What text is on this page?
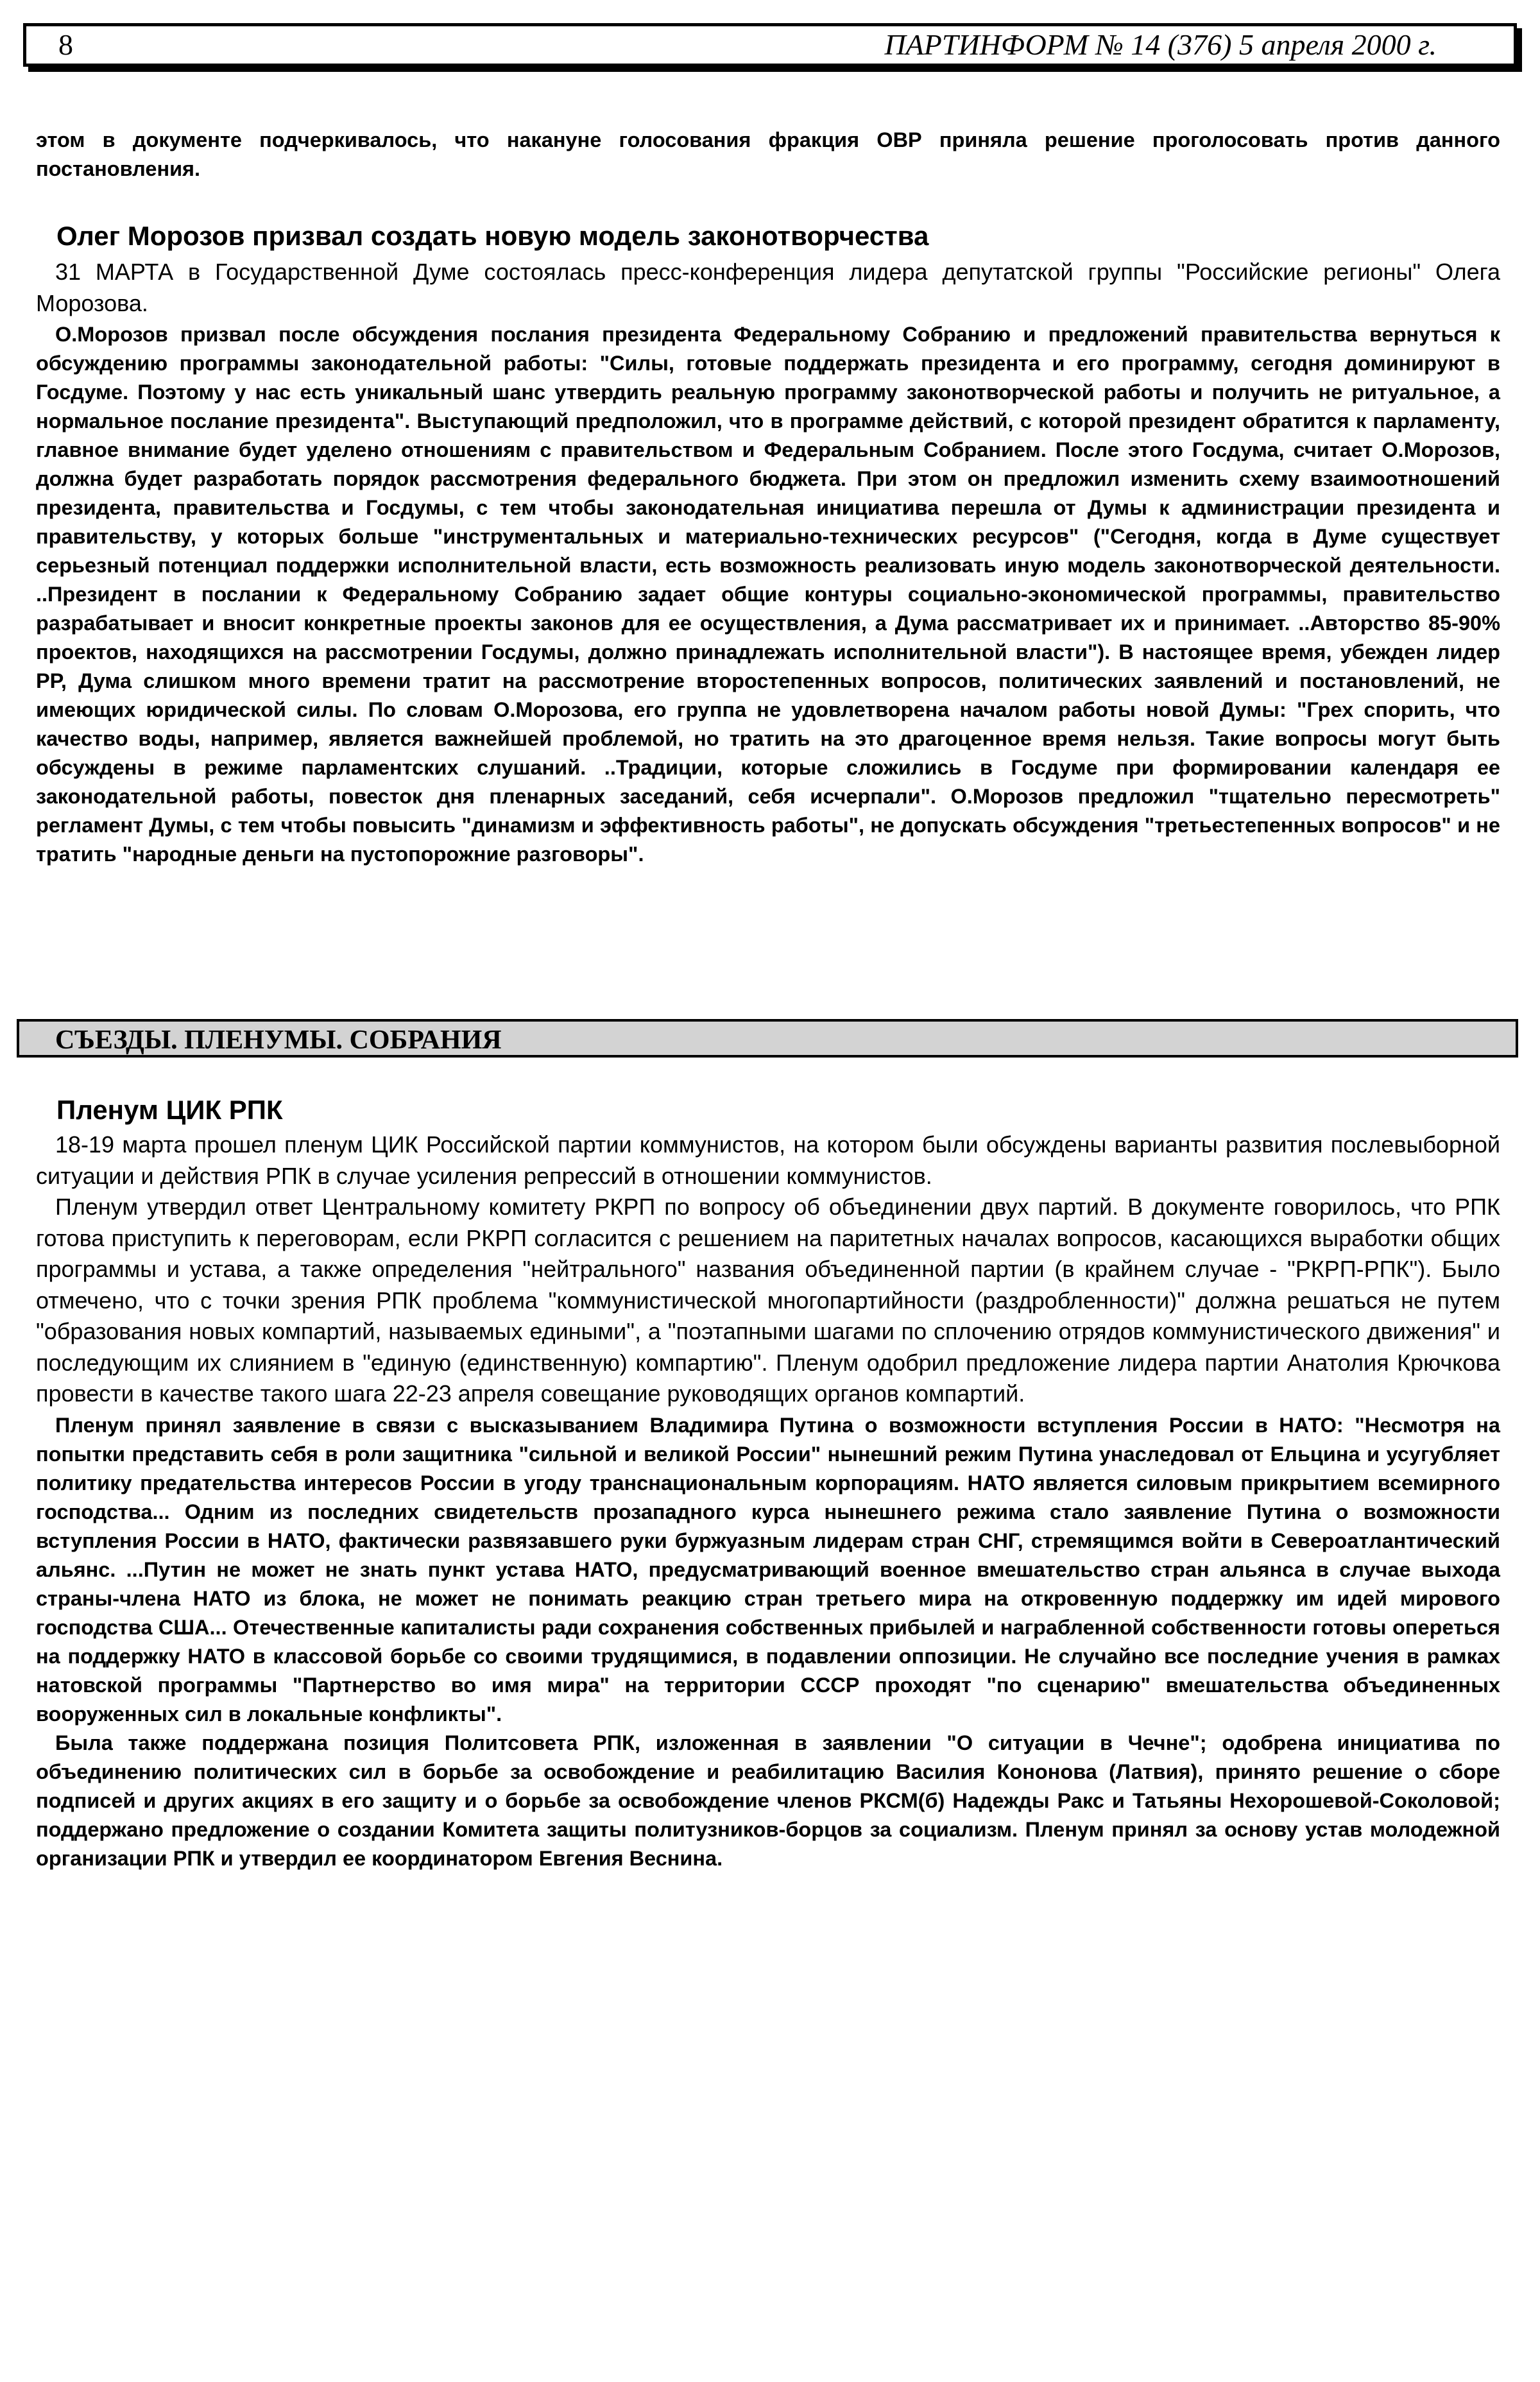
8	ПАРТИНФОРМ № 14 (376) 5 апреля 2000 г.

этом в документе подчеркивалось, что накануне голосования фракция ОВР приняла решение проголосовать против данного постановления.

Олег Морозов призвал создать новую модель законотворчества

31 МАРТА в Государственной Думе состоялась пресс-конференция лидера депутатской группы "Российские регионы" Олега Морозова.

О.Морозов призвал после обсуждения послания президента Федеральному Собранию и предложений правительства вернуться к обсуждению программы законодательной работы: "Силы, готовые поддержать президента и его программу, сегодня доминируют в Госдуме. Поэтому у нас есть уникальный шанс утвердить реальную программу законотворческой работы и получить не ритуальное, а нормальное послание президента". Выступающий предположил, что в программе действий, с которой президент обратится к парламенту, главное внимание будет уделено отношениям с правительством и Федеральным Собранием. После этого Госдума, считает О.Морозов, должна будет разработать порядок рассмотрения федерального бюджета. При этом он предложил изменить схему взаимоотношений президента, правительства и Госдумы, с тем чтобы законодательная инициатива перешла от Думы к администрации президента и правительству, у которых больше "инструментальных и материально-технических ресурсов" ("Сегодня, когда в Думе существует серьезный потенциал поддержки исполнительной власти, есть возможность реализовать иную модель законотворческой деятельности. ..Президент в послании к Федеральному Собранию задает общие контуры социально-экономической программы, правительство разрабатывает и вносит конкретные проекты законов для ее осуществления, а Дума рассматривает их и принимает. ..Авторство 85-90% проектов, находящихся на рассмотрении Госдумы, должно принадлежать исполнительной власти"). В настоящее время, убежден лидер РР, Дума слишком много времени тратит на рассмотрение второстепенных вопросов, политических заявлений и постановлений, не имеющих юридической силы. По словам О.Морозова, его группа не удовлетворена началом работы новой Думы: "Грех спорить, что качество воды, например, является важнейшей проблемой, но тратить на это драгоценное время нельзя. Такие вопросы могут быть обсуждены в режиме парламентских слушаний. ..Традиции, которые сложились в Госдуме при формировании календаря ее законодательной работы, повесток дня пленарных заседаний, себя исчерпали". О.Морозов предложил "тщательно пересмотреть" регламент Думы, с тем чтобы повысить "динамизм и эффективность работы", не допускать обсуждения "третьестепенных вопросов" и не тратить "народные деньги на пустопорожние разговоры".

СЪЕЗДЫ. ПЛЕНУМЫ. СОБРАНИЯ
Пленум ЦИК РПК

18-19 марта прошел пленум ЦИК Российской партии коммунистов, на котором были обсуждены варианты развития послевыборной ситуации и действия РПК в случае усиления репрессий в отношении коммунистов.

Пленум утвердил ответ Центральному комитету РКРП по вопросу об объединении двух партий. В документе говорилось, что РПК готова приступить к переговорам, если РКРП согласится с решением на паритетных началах вопросов, касающихся выработки общих программы и устава, а также определения "нейтрального" названия объединенной партии (в крайнем случае - "РКРП-РПК"). Было отмечено, что с точки зрения РПК проблема "коммунистической многопартийности (раздробленности)" должна решаться не путем "образования новых компартий, называемых едиными", а "поэтапными шагами по сплочению отрядов коммунистического движения" и последующим их слиянием в "единую (единственную) компартию". Пленум одобрил предложение лидера партии Анатолия Крючкова провести в качестве такого шага 22-23 апреля совещание руководящих органов компартий.

Пленум принял заявление в связи с высказыванием Владимира Путина о возможности вступления России в НАТО: "Несмотря на попытки представить себя в роли защитника "сильной и великой России" нынешний режим Путина унаследовал от Ельцина и усугубляет политику предательства интересов России в угоду транснациональным корпорациям. НАТО является силовым прикрытием всемирного господства... Одним из последних свидетельств прозападного курса нынешнего режима стало заявление Путина о возможности вступления России в НАТО, фактически развязавшего руки буржуазным лидерам стран СНГ, стремящимся войти в Североатлантический альянс. ...Путин не может не знать пункт устава НАТО, предусматривающий военное вмешательство стран альянса в случае выхода страны-члена НАТО из блока, не может не понимать реакцию стран третьего мира на откровенную поддержку им идей мирового господства США... Отечественные капиталисты ради сохранения собственных прибылей и награбленной собственности готовы опереться на поддержку НАТО в классовой борьбе со своими трудящимися, в подавлении оппозиции. Не случайно все последние учения в рамках натовской программы "Партнерство во имя мира" на территории СССР проходят "по сценарию" вмешательства объединенных вооруженных сил в локальные конфликты".

Была также поддержана позиция Политсовета РПК, изложенная в заявлении "О ситуации в Чечне"; одобрена инициатива по объединению политических сил в борьбе за освобождение и реабилитацию Василия Кононова (Латвия), принято решение о сборе подписей и других акциях в его защиту и о борьбе за освобождение членов РКСМ(б) Надежды Ракс и Татьяны Нехорошевой-Соколовой; поддержано предложение о создании Комитета защиты политузников-борцов за социализм. Пленум принял за основу устав молодежной организации РПК и утвердил ее координатором Евгения Веснина.
